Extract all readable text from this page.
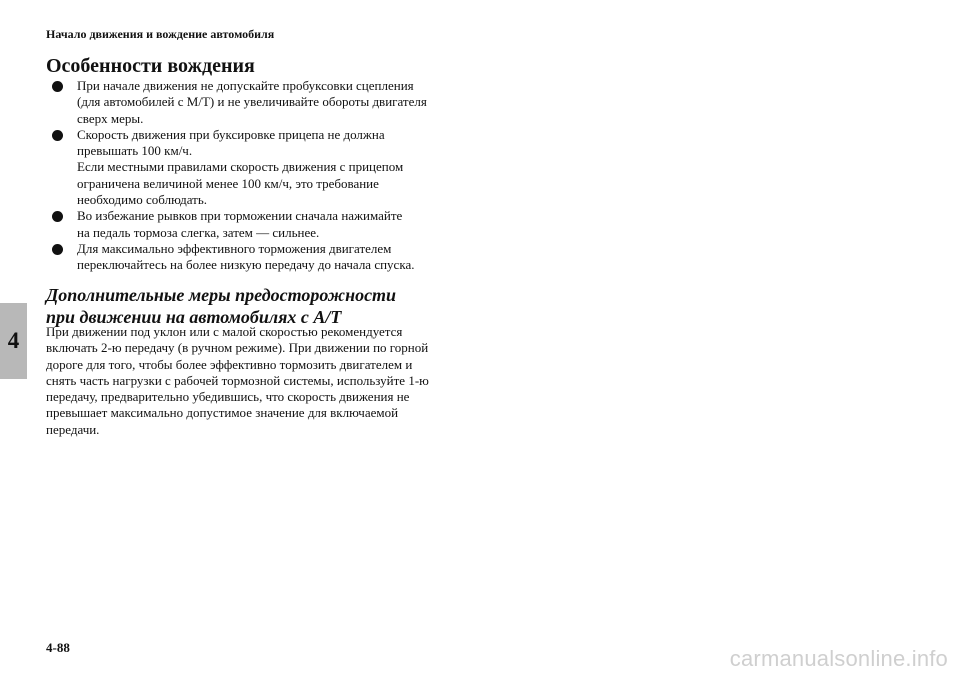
Начало движения и вождение автомобиля
4
Особенности вождения
При начале движения не допускайте пробуксовки сцепления
(для автомобилей с М/Т) и не увеличивайте обороты двигателя
сверх меры.
Скорость движения при буксировке прицепа не должна
превышать 100 км/ч.
Если местными правилами скорость движения с прицепом
ограничена величиной менее 100 км/ч, это требование
необходимо соблюдать.
Во избежание рывков при торможении сначала нажимайте
на педаль тормоза слегка, затем — сильнее.
Для максимально эффективного торможения двигателем
переключайтесь на более низкую передачу до начала спуска.
Дополнительные меры предосторожности
при движении на автомобилях с А/Т

При движении под уклон или с малой скоростью рекомендуется
включать 2-ю передачу (в ручном режиме). При движении по горной
дороге для того, чтобы более эффективно тормозить двигателем и
снять часть нагрузки с рабочей тормозной системы, используйте 1-ю
передачу, предварительно убедившись, что скорость движения не
превышает максимально допустимое значение для включаемой
передачи.

4-88	carmanualsonline.info
